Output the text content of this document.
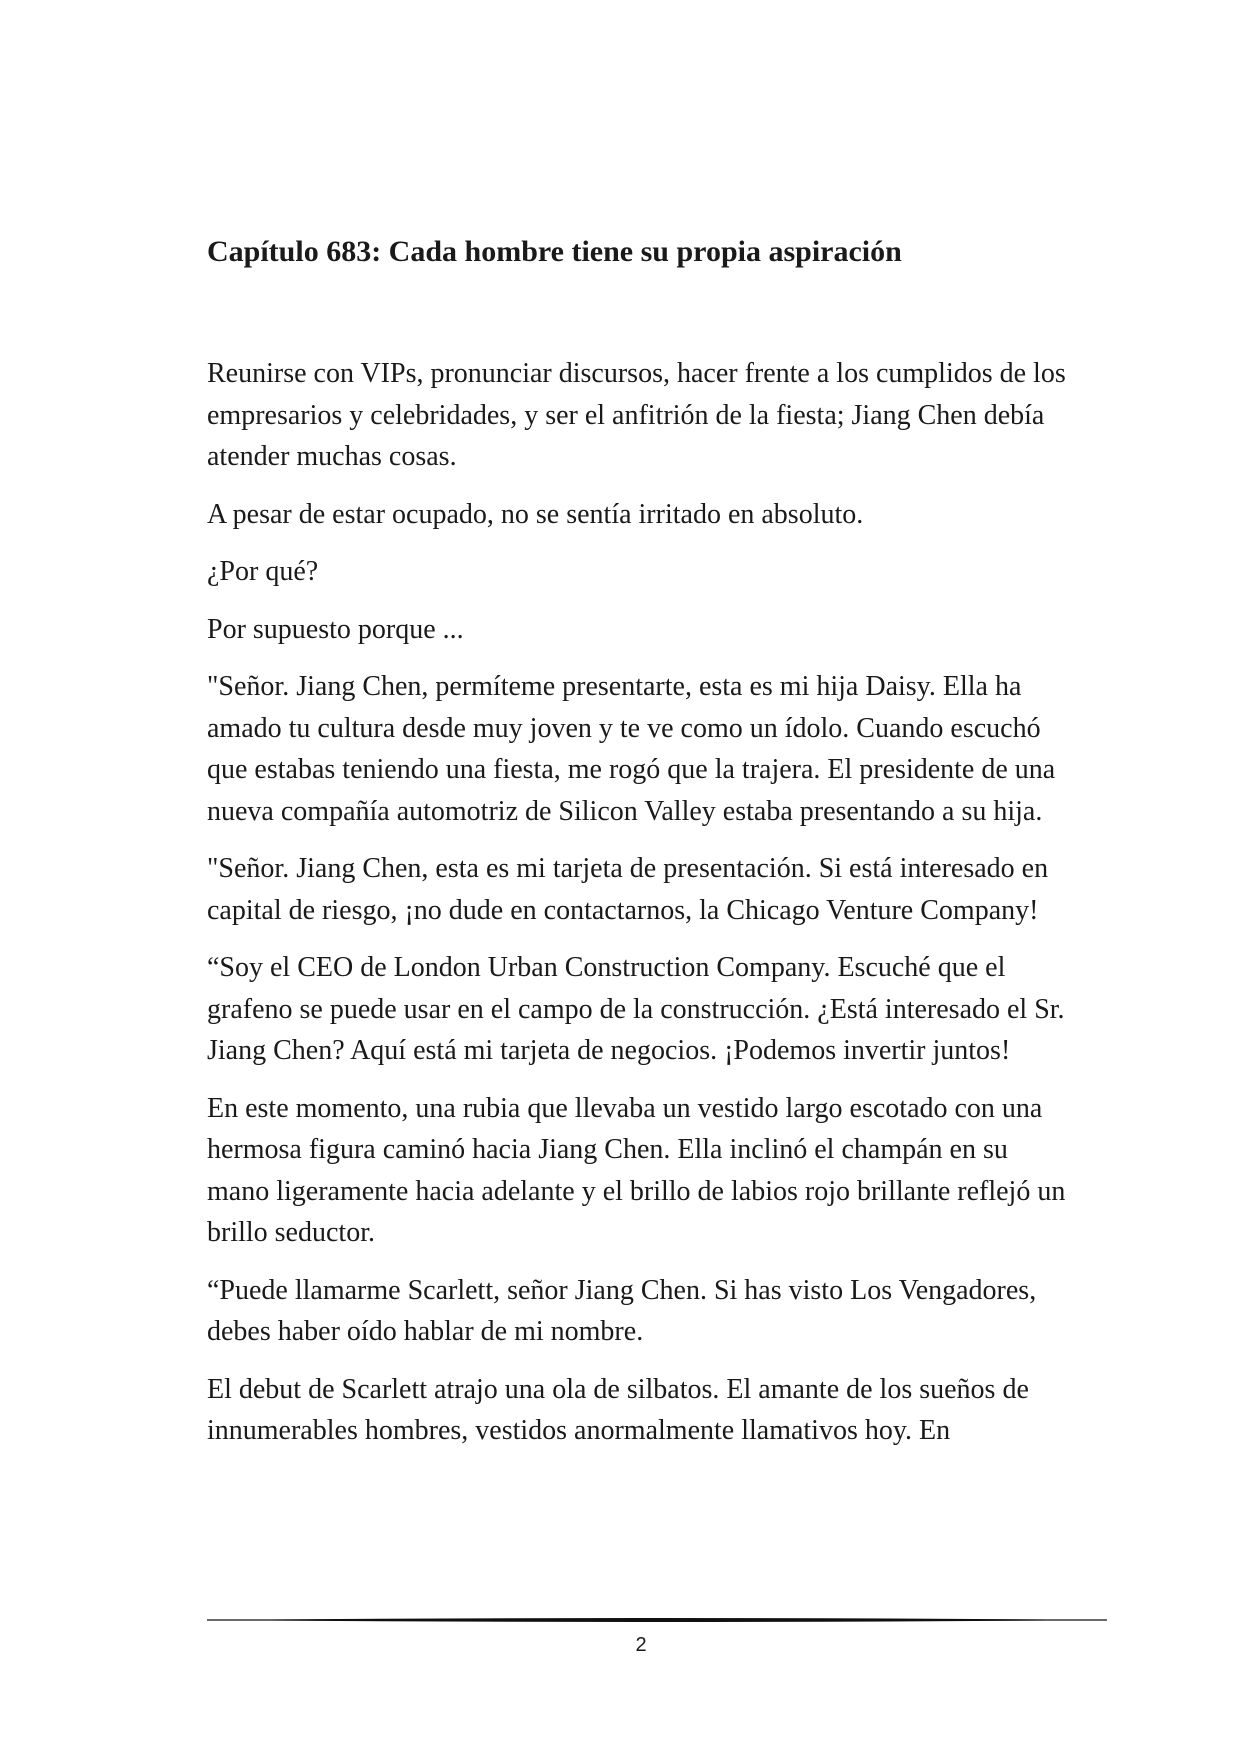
Capítulo 683: Cada hombre tiene su propia aspiración

Reunirse con VIPs, pronunciar discursos, hacer frente a los cumplidos de los empresarios y celebridades, y ser el anfitrión de la fiesta; Jiang Chen debía atender muchas cosas.

A pesar de estar ocupado, no se sentía irritado en absoluto.

¿Por qué?

Por supuesto porque ...

"Señor. Jiang Chen, permíteme presentarte, esta es mi hija Daisy. Ella ha amado tu cultura desde muy joven y te ve como un ídolo. Cuando escuchó que estabas teniendo una fiesta, me rogó que la trajera. El presidente de una nueva compañía automotriz de Silicon Valley estaba presentando a su hija.

"Señor. Jiang Chen, esta es mi tarjeta de presentación. Si está interesado en capital de riesgo, ¡no dude en contactarnos, la Chicago Venture Company!

“Soy el CEO de London Urban Construction Company. Escuché que el grafeno se puede usar en el campo de la construcción. ¿Está interesado el Sr. Jiang Chen? Aquí está mi tarjeta de negocios. ¡Podemos invertir juntos!

En este momento, una rubia que llevaba un vestido largo escotado con una hermosa figura caminó hacia Jiang Chen. Ella inclinó el champán en su mano ligeramente hacia adelante y el brillo de labios rojo brillante reflejó un brillo seductor.

“Puede llamarme Scarlett, señor Jiang Chen. Si has visto Los Vengadores, debes haber oído hablar de mi nombre.

El debut de Scarlett atrajo una ola de silbatos. El amante de los sueños de innumerables hombres, vestidos anormalmente llamativos hoy. En

2
